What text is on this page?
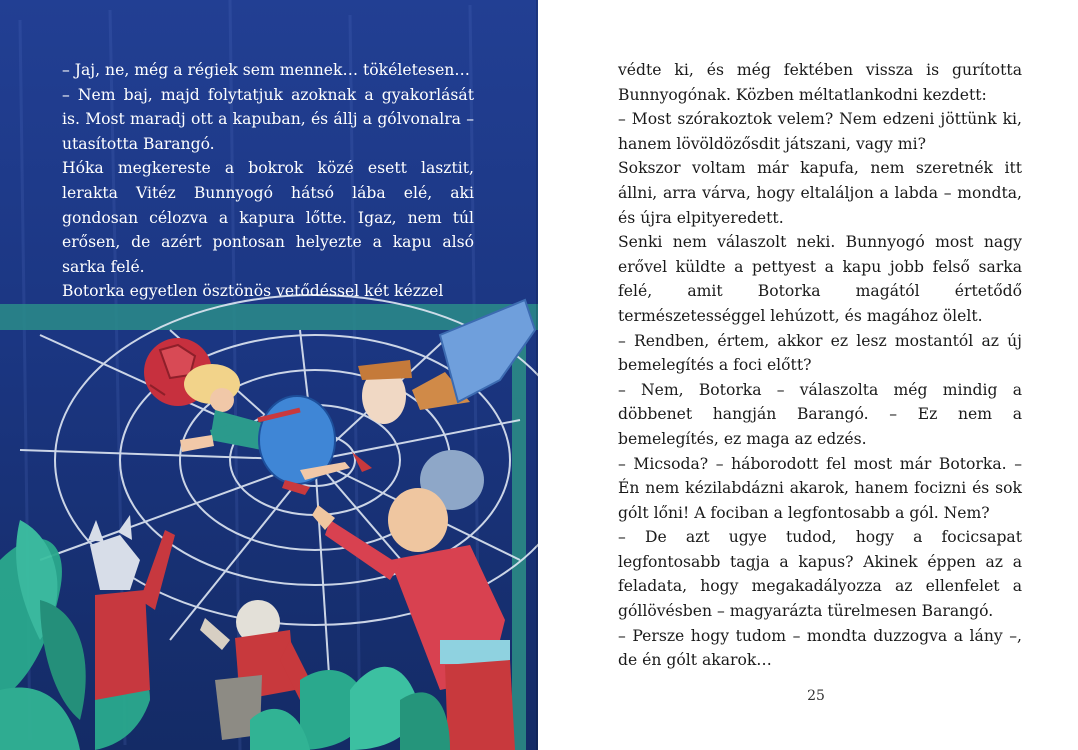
– Jaj, ne, még a régiek sem mennek… tökéletesen…

– Nem baj, majd folytatjuk azoknak a gyakorlását is. Most maradj ott a kapuban, és állj a gólvonalra – utasította Barangó.

Hóka megkereste a bokrok közé esett lasztit, lerakta Vitéz Bunnyogó hátsó lába elé, aki gondosan célozva a kapura lőtte. Igaz, nem túl erősen, de azért pontosan helyezte a kapu alsó sarka felé.

Botorka egyetlen ösztönös vetődéssel két kézzel

védte ki, és még fektében vissza is gurította Bunnyogónak. Közben méltatlankodni kezdett:

– Most szórakoztok velem? Nem edzeni jöttünk ki, hanem lövöldözősdit játszani, vagy mi?

Sokszor voltam már kapufa, nem szeretnék itt állni, arra várva, hogy eltaláljon a labda – mondta, és újra elpityeredett.

Senki nem válaszolt neki. Bunnyogó most nagy erővel küldte a pettyest a kapu jobb felső sarka felé, amit Botorka magától értetődő természetességgel lehúzott, és magához ölelt.

– Rendben, értem, akkor ez lesz mostantól az új bemelegítés a foci előtt?

– Nem, Botorka – válaszolta még mindig a döbbenet hangján Barangó. – Ez nem a bemelegítés, ez maga az edzés.

– Micsoda? – háborodott fel most már Botorka. – Én nem kézilabdázni akarok, hanem focizni és sok gólt lőni! A fociban a legfontosabb a gól. Nem?

– De azt ugye tudod, hogy a focicsapat legfontosabb tagja a kapus? Akinek éppen az a feladata, hogy megakadályozza az ellenfelet a góllövésben – magyarázta türelmesen Barangó.

– Persze hogy tudom – mondta duzzogva a lány –, de én gólt akarok…

25
